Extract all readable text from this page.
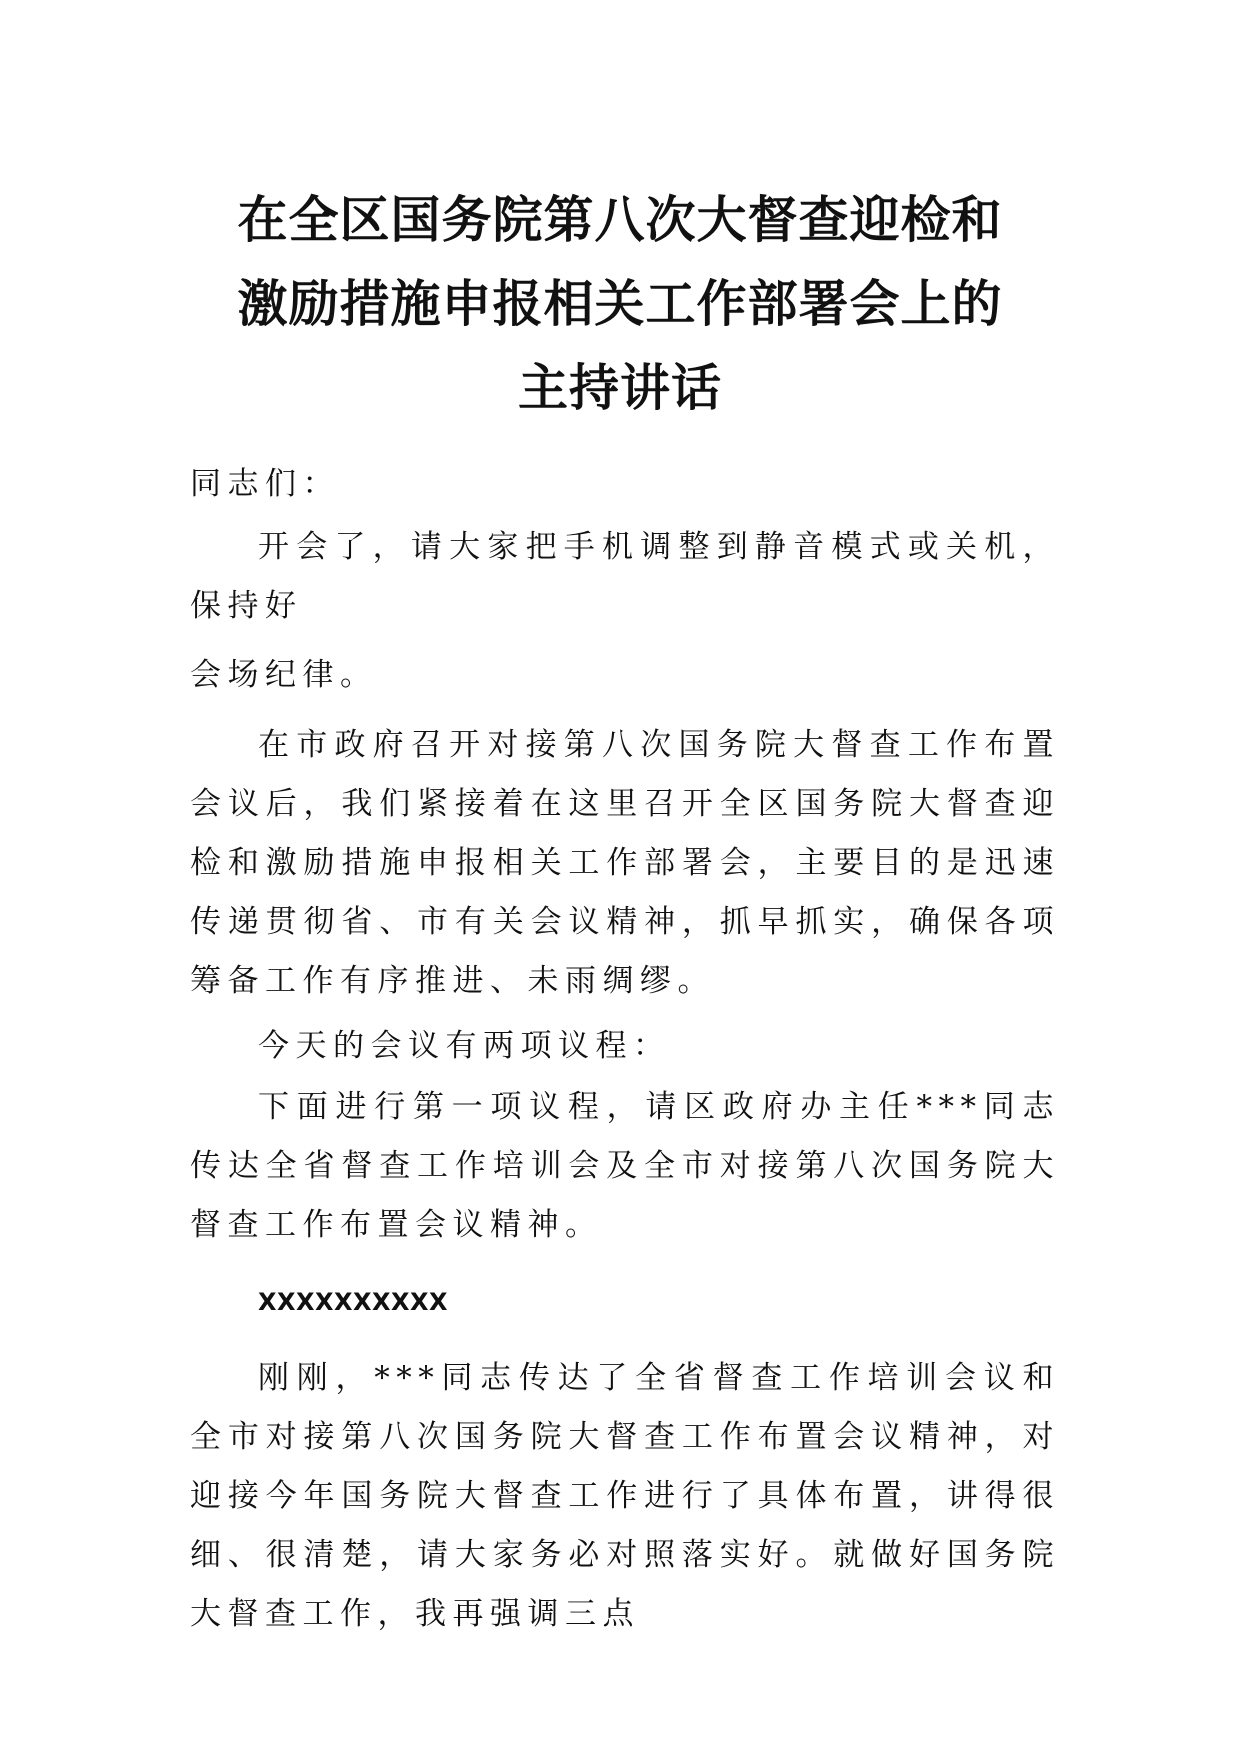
在全区国务院第八次大督查迎检和
激励措施申报相关工作部署会上的
主持讲话

同志们：

开会了，请大家把手机调整到静音模式或关机，保持好
会场纪律。

在市政府召开对接第八次国务院大督查工作布置会议后，我们紧接着在这里召开全区国务院大督查迎检和激励措施申报相关工作部署会，主要目的是迅速传递贯彻省、市有关会议精神，抓早抓实，确保各项筹备工作有序推进、未雨绸缪。

今天的会议有两项议程：

下面进行第一项议程，请区政府办主任***同志传达全省督查工作培训会及全市对接第八次国务院大督查工作布置会议精神。

XXXXXXXXXX

刚刚，***同志传达了全省督查工作培训会议和全市对接第八次国务院大督查工作布置会议精神，对迎接今年国务院大督查工作进行了具体布置，讲得很细、很清楚，请大家务必对照落实好。就做好国务院大督查工作，我再强调三点
